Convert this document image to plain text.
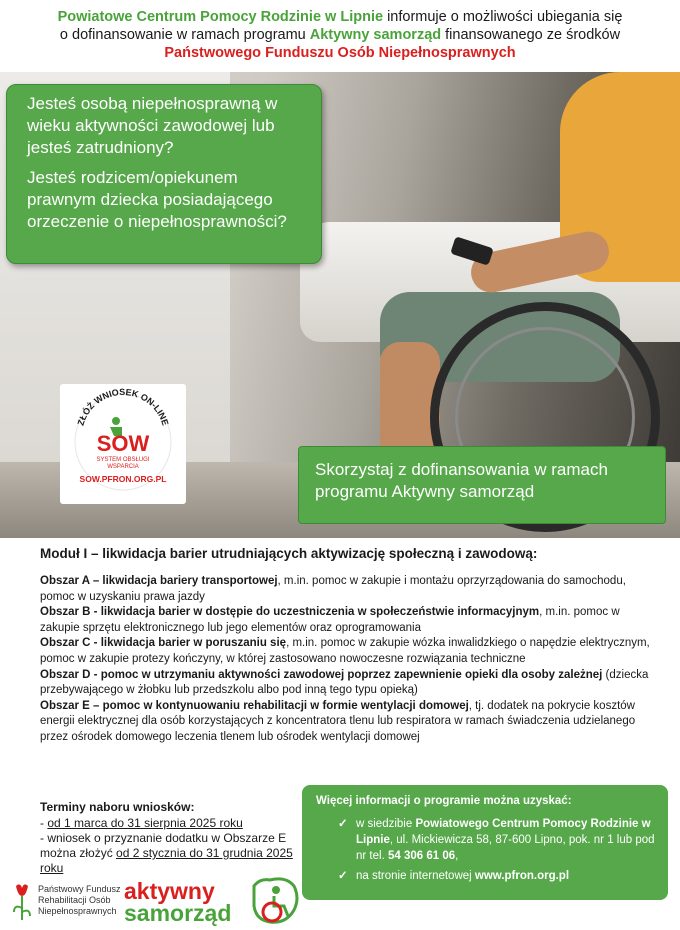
Powiatowe Centrum Pomocy Rodzinie w Lipnie informuje o możliwości ubiegania się
o dofinansowanie w ramach programu Aktywny samorząd finansowanego ze środków
Państwowego Funduszu Osób Niepełnosprawnych

Jesteś osobą niepełnosprawną w wieku aktywności zawodowej lub jesteś zatrudniony?

Jesteś rodzicem/opiekunem prawnym dziecka posiadającego orzeczenie o niepełnosprawności?

ZŁÓŻ WNIOSEK ON-LINE
SOW
SYSTEM OBSŁUGI
WSPARCIA
SOW.PFRON.ORG.PL	Skorzystaj z dofinansowania w ramach programu Aktywny samorząd
Moduł I – likwidacja barier utrudniających aktywizację społeczną i zawodową:
Obszar A – likwidacja bariery transportowej, m.in. pomoc w zakupie i montażu oprzyrządowania do samochodu, pomoc w uzyskaniu prawa jazdy
Obszar B - likwidacja barier w dostępie do uczestniczenia w społeczeństwie informacyjnym, m.in. pomoc w zakupie sprzętu elektronicznego lub jego elementów oraz oprogramowania
Obszar C - likwidacja barier w poruszaniu się, m.in. pomoc w zakupie wózka inwalidzkiego o napędzie elektrycznym, pomoc w zakupie protezy kończyny, w której zastosowano nowoczesne rozwiązania techniczne
Obszar D - pomoc w utrzymaniu aktywności zawodowej poprzez zapewnienie opieki dla osoby zależnej (dziecka przebywającego w żłobku lub przedszkolu albo pod inną tego typu opieką)
Obszar E – pomoc w kontynuowaniu rehabilitacji w formie wentylacji domowej, tj. dodatek na pokrycie kosztów energii elektrycznej dla osób korzystających z koncentratora tlenu lub respiratora w ramach świadczenia udzielanego przez ośrodek domowego leczenia tlenem lub ośrodek wentylacji domowej
Terminy naboru wniosków:
- od 1 marca do 31 sierpnia 2025 roku
- wniosek o przyznanie dodatku w Obszarze E można złożyć od 2 stycznia do 31 grudnia 2025 roku
Więcej informacji o programie można uzyskać:
✓ w siedzibie Powiatowego Centrum Pomocy Rodzinie w Lipnie, ul. Mickiewicza 58, 87-600 Lipno, pok. nr 1 lub pod nr tel. 54 306 61 06,
✓ na stronie internetowej www.pfron.org.pl
Państwowy Fundusz
Rehabilitacji Osób
Niepełnosprawnych
aktywny
samorząd
